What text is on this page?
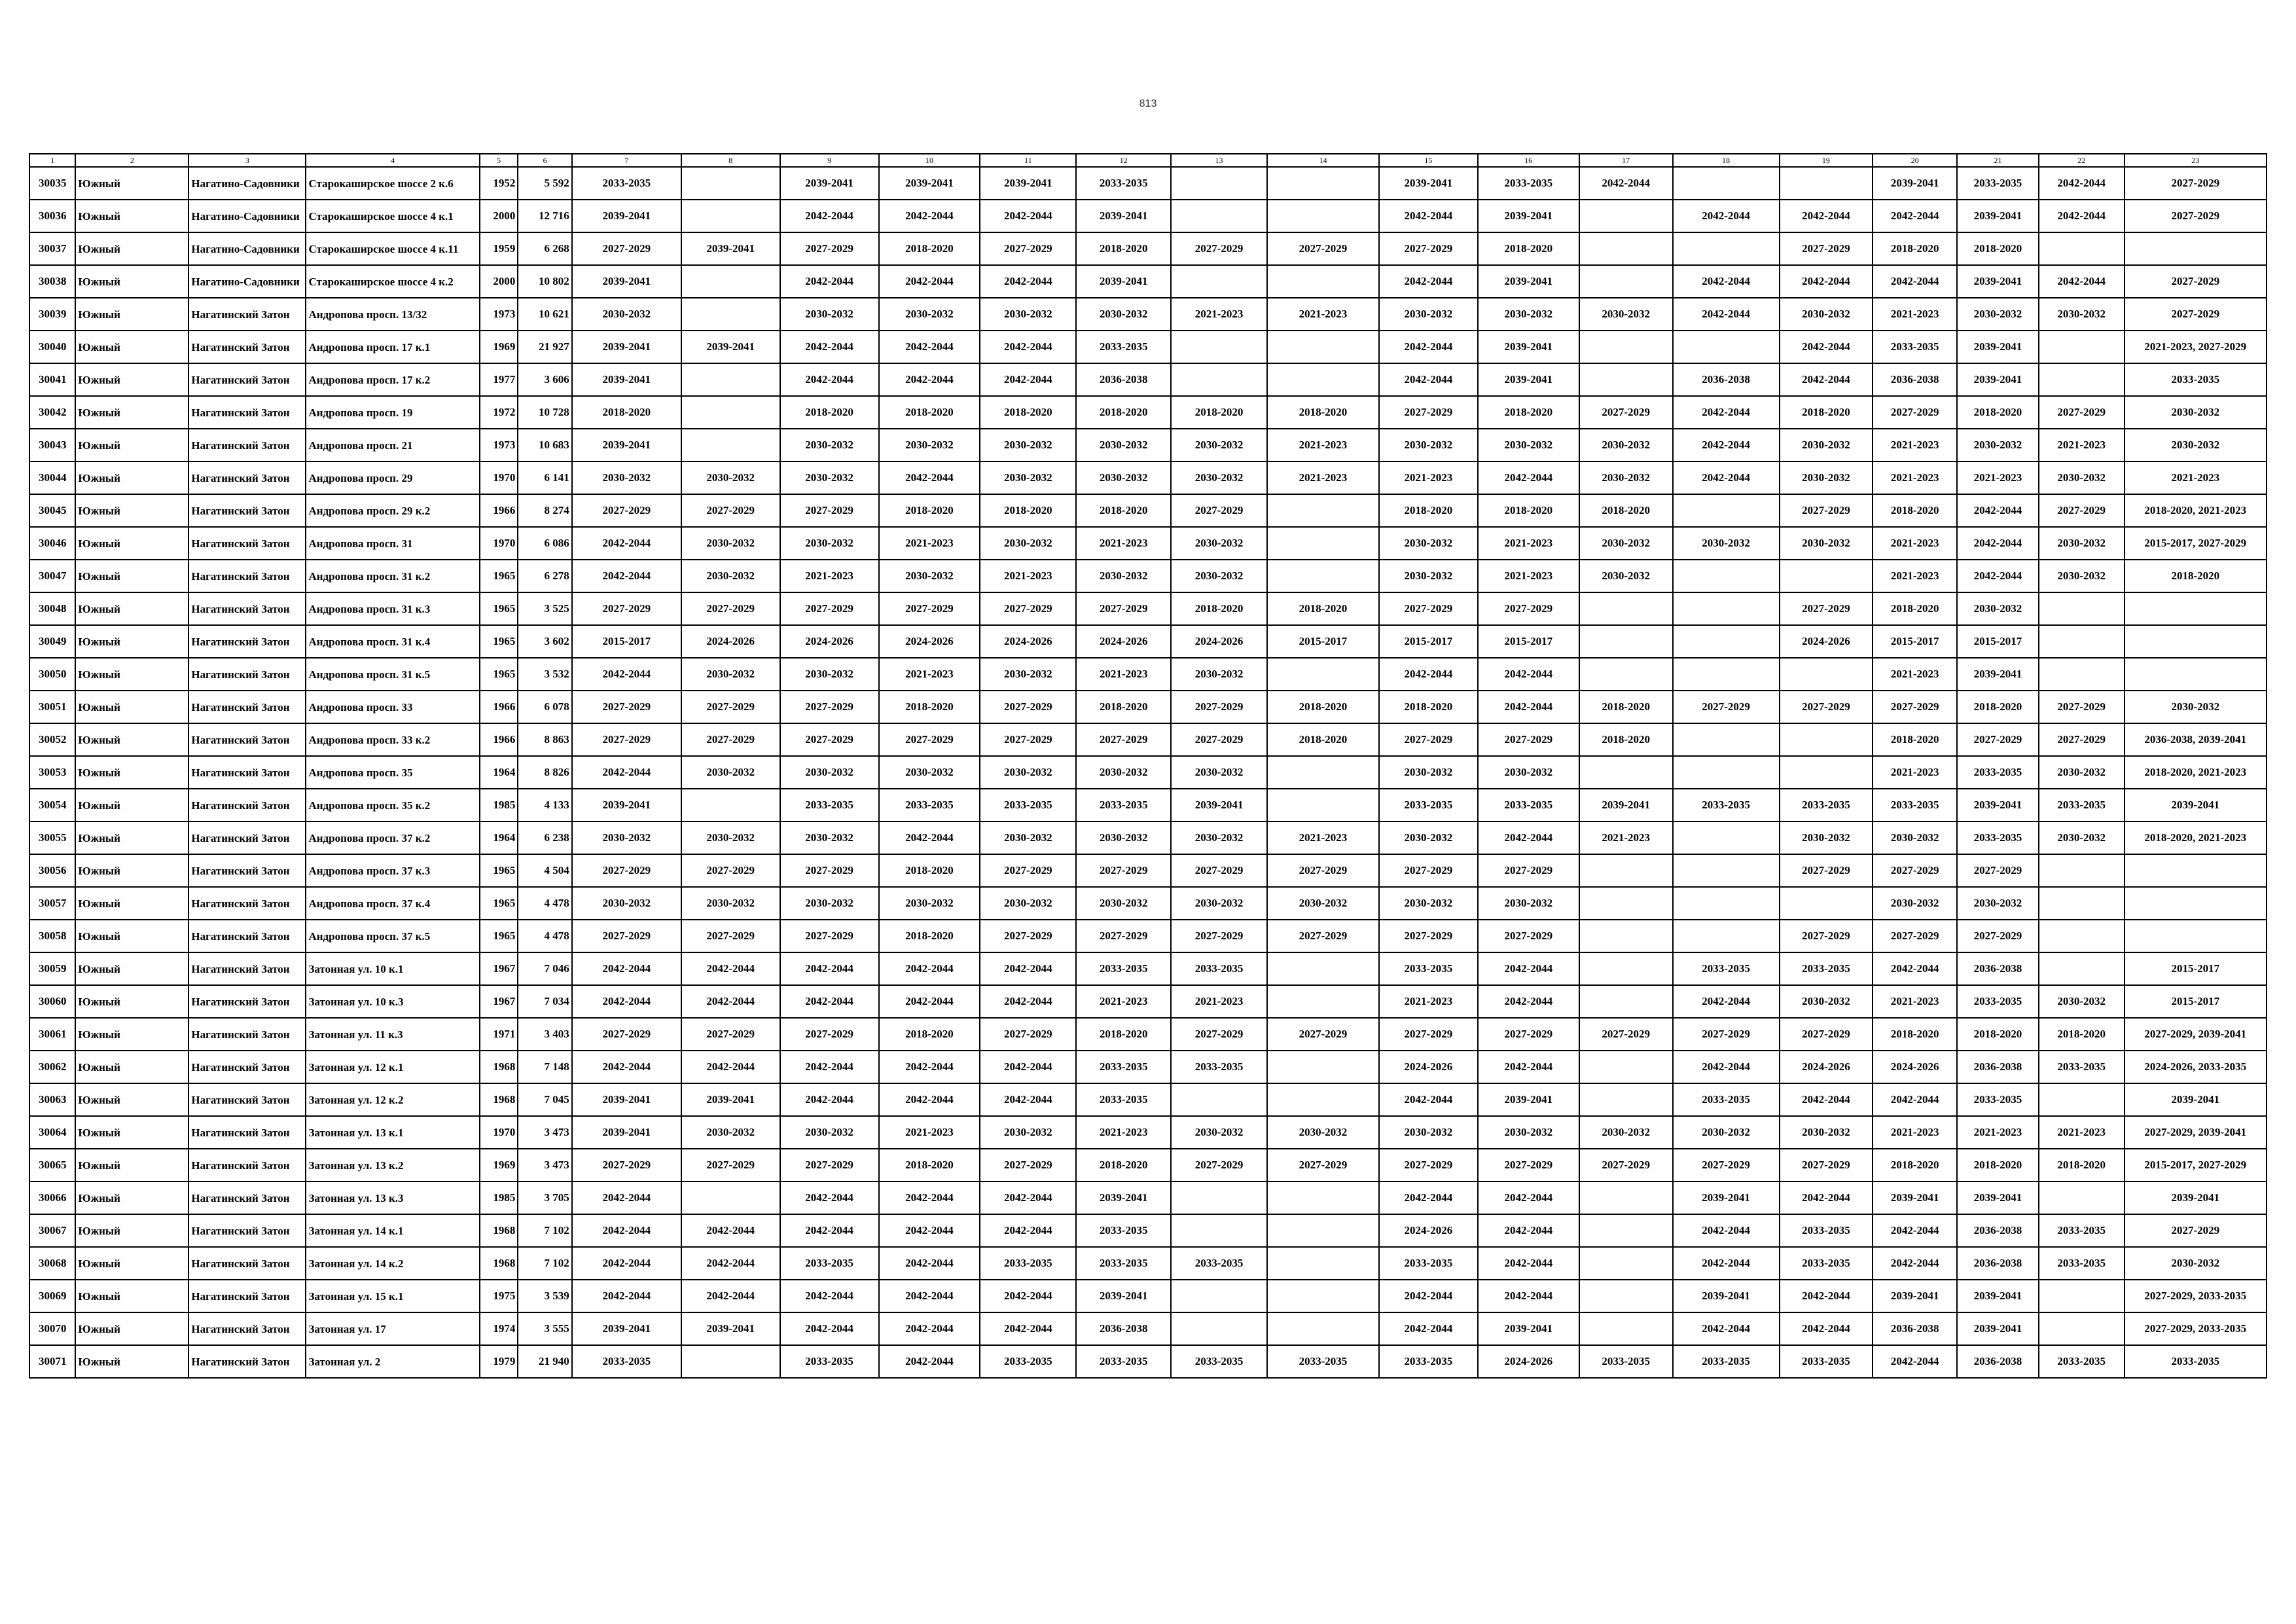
813
1	2	3	4	5	6	7	8	9	10	11	12	13	14	15	16	17	18	19	20	21	22	23	
30035	Южный	Нагатино-Садовники	Старокаширское шоссе 2 к.6	1952	5 592	2033-2035		2039-2041	2039-2041	2039-2041	2033-2035			2039-2041	2033-2035	2042-2044			2039-2041	2033-2035	2042-2044	2027-2029	
30036	Южный	Нагатино-Садовники	Старокаширское шоссе 4 к.1	2000	12 716	2039-2041		2042-2044	2042-2044	2042-2044	2039-2041			2042-2044	2039-2041		2042-2044	2042-2044	2042-2044	2039-2041	2042-2044	2027-2029	
30037	Южный	Нагатино-Садовники	Старокаширское шоссе 4 к.11	1959	6 268	2027-2029	2039-2041	2027-2029	2018-2020	2027-2029	2018-2020	2027-2029	2027-2029	2027-2029	2018-2020			2027-2029	2018-2020	2018-2020			
30038	Южный	Нагатино-Садовники	Старокаширское шоссе 4 к.2	2000	10 802	2039-2041		2042-2044	2042-2044	2042-2044	2039-2041			2042-2044	2039-2041		2042-2044	2042-2044	2042-2044	2039-2041	2042-2044	2027-2029	
30039	Южный	Нагатинский Затон	Андропова просп. 13/32	1973	10 621	2030-2032		2030-2032	2030-2032	2030-2032	2030-2032	2021-2023	2021-2023	2030-2032	2030-2032	2030-2032	2042-2044	2030-2032	2021-2023	2030-2032	2030-2032	2027-2029	
30040	Южный	Нагатинский Затон	Андропова просп. 17 к.1	1969	21 927	2039-2041	2039-2041	2042-2044	2042-2044	2042-2044	2033-2035			2042-2044	2039-2041			2042-2044	2033-2035	2039-2041		2021-2023, 2027-2029	
30041	Южный	Нагатинский Затон	Андропова просп. 17 к.2	1977	3 606	2039-2041		2042-2044	2042-2044	2042-2044	2036-2038			2042-2044	2039-2041		2036-2038	2042-2044	2036-2038	2039-2041		2033-2035	
30042	Южный	Нагатинский Затон	Андропова просп. 19	1972	10 728	2018-2020		2018-2020	2018-2020	2018-2020	2018-2020	2018-2020	2018-2020	2027-2029	2018-2020	2027-2029	2042-2044	2018-2020	2027-2029	2018-2020	2027-2029	2030-2032	
30043	Южный	Нагатинский Затон	Андропова просп. 21	1973	10 683	2039-2041		2030-2032	2030-2032	2030-2032	2030-2032	2030-2032	2021-2023	2030-2032	2030-2032	2030-2032	2042-2044	2030-2032	2021-2023	2030-2032	2021-2023	2030-2032	
30044	Южный	Нагатинский Затон	Андропова просп. 29	1970	6 141	2030-2032	2030-2032	2030-2032	2042-2044	2030-2032	2030-2032	2030-2032	2021-2023	2021-2023	2042-2044	2030-2032	2042-2044	2030-2032	2021-2023	2021-2023	2030-2032	2021-2023	
30045	Южный	Нагатинский Затон	Андропова просп. 29 к.2	1966	8 274	2027-2029	2027-2029	2027-2029	2018-2020	2018-2020	2018-2020	2027-2029		2018-2020	2018-2020	2018-2020		2027-2029	2018-2020	2042-2044	2027-2029	2018-2020, 2021-2023	
30046	Южный	Нагатинский Затон	Андропова просп. 31	1970	6 086	2042-2044	2030-2032	2030-2032	2021-2023	2030-2032	2021-2023	2030-2032		2030-2032	2021-2023	2030-2032	2030-2032	2030-2032	2021-2023	2042-2044	2030-2032	2015-2017, 2027-2029	
30047	Южный	Нагатинский Затон	Андропова просп. 31 к.2	1965	6 278	2042-2044	2030-2032	2021-2023	2030-2032	2021-2023	2030-2032	2030-2032		2030-2032	2021-2023	2030-2032			2021-2023	2042-2044	2030-2032	2018-2020	
30048	Южный	Нагатинский Затон	Андропова просп. 31 к.3	1965	3 525	2027-2029	2027-2029	2027-2029	2027-2029	2027-2029	2027-2029	2018-2020	2018-2020	2027-2029	2027-2029			2027-2029	2018-2020	2030-2032			
30049	Южный	Нагатинский Затон	Андропова просп. 31 к.4	1965	3 602	2015-2017	2024-2026	2024-2026	2024-2026	2024-2026	2024-2026	2024-2026	2015-2017	2015-2017	2015-2017			2024-2026	2015-2017	2015-2017			
30050	Южный	Нагатинский Затон	Андропова просп. 31 к.5	1965	3 532	2042-2044	2030-2032	2030-2032	2021-2023	2030-2032	2021-2023	2030-2032		2042-2044	2042-2044				2021-2023	2039-2041			
30051	Южный	Нагатинский Затон	Андропова просп. 33	1966	6 078	2027-2029	2027-2029	2027-2029	2018-2020	2027-2029	2018-2020	2027-2029	2018-2020	2018-2020	2042-2044	2018-2020	2027-2029	2027-2029	2027-2029	2018-2020	2027-2029	2030-2032	
30052	Южный	Нагатинский Затон	Андропова просп. 33 к.2	1966	8 863	2027-2029	2027-2029	2027-2029	2027-2029	2027-2029	2027-2029	2027-2029	2018-2020	2027-2029	2027-2029	2018-2020			2018-2020	2027-2029	2027-2029	2036-2038, 2039-2041	
30053	Южный	Нагатинский Затон	Андропова просп. 35	1964	8 826	2042-2044	2030-2032	2030-2032	2030-2032	2030-2032	2030-2032	2030-2032		2030-2032	2030-2032				2021-2023	2033-2035	2030-2032	2018-2020, 2021-2023	
30054	Южный	Нагатинский Затон	Андропова просп. 35 к.2	1985	4 133	2039-2041		2033-2035	2033-2035	2033-2035	2033-2035	2039-2041		2033-2035	2033-2035	2039-2041	2033-2035	2033-2035	2033-2035	2039-2041	2033-2035	2039-2041	
30055	Южный	Нагатинский Затон	Андропова просп. 37 к.2	1964	6 238	2030-2032	2030-2032	2030-2032	2042-2044	2030-2032	2030-2032	2030-2032	2021-2023	2030-2032	2042-2044	2021-2023		2030-2032	2030-2032	2033-2035	2030-2032	2018-2020, 2021-2023	
30056	Южный	Нагатинский Затон	Андропова просп. 37 к.3	1965	4 504	2027-2029	2027-2029	2027-2029	2018-2020	2027-2029	2027-2029	2027-2029	2027-2029	2027-2029	2027-2029			2027-2029	2027-2029	2027-2029			
30057	Южный	Нагатинский Затон	Андропова просп. 37 к.4	1965	4 478	2030-2032	2030-2032	2030-2032	2030-2032	2030-2032	2030-2032	2030-2032	2030-2032	2030-2032	2030-2032				2030-2032	2030-2032			
30058	Южный	Нагатинский Затон	Андропова просп. 37 к.5	1965	4 478	2027-2029	2027-2029	2027-2029	2018-2020	2027-2029	2027-2029	2027-2029	2027-2029	2027-2029	2027-2029			2027-2029	2027-2029	2027-2029			
30059	Южный	Нагатинский Затон	Затонная ул. 10 к.1	1967	7 046	2042-2044	2042-2044	2042-2044	2042-2044	2042-2044	2033-2035	2033-2035		2033-2035	2042-2044		2033-2035	2033-2035	2042-2044	2036-2038		2015-2017	
30060	Южный	Нагатинский Затон	Затонная ул. 10 к.3	1967	7 034	2042-2044	2042-2044	2042-2044	2042-2044	2042-2044	2021-2023	2021-2023		2021-2023	2042-2044		2042-2044	2030-2032	2021-2023	2033-2035	2030-2032	2015-2017	
30061	Южный	Нагатинский Затон	Затонная ул. 11 к.3	1971	3 403	2027-2029	2027-2029	2027-2029	2018-2020	2027-2029	2018-2020	2027-2029	2027-2029	2027-2029	2027-2029	2027-2029	2027-2029	2027-2029	2018-2020	2018-2020	2018-2020	2027-2029, 2039-2041	
30062	Южный	Нагатинский Затон	Затонная ул. 12 к.1	1968	7 148	2042-2044	2042-2044	2042-2044	2042-2044	2042-2044	2033-2035	2033-2035		2024-2026	2042-2044		2042-2044	2024-2026	2024-2026	2036-2038	2033-2035	2024-2026, 2033-2035	
30063	Южный	Нагатинский Затон	Затонная ул. 12 к.2	1968	7 045	2039-2041	2039-2041	2042-2044	2042-2044	2042-2044	2033-2035			2042-2044	2039-2041		2033-2035	2042-2044	2042-2044	2033-2035		2039-2041	
30064	Южный	Нагатинский Затон	Затонная ул. 13 к.1	1970	3 473	2039-2041	2030-2032	2030-2032	2021-2023	2030-2032	2021-2023	2030-2032	2030-2032	2030-2032	2030-2032	2030-2032	2030-2032	2030-2032	2021-2023	2021-2023	2021-2023	2027-2029, 2039-2041	
30065	Южный	Нагатинский Затон	Затонная ул. 13 к.2	1969	3 473	2027-2029	2027-2029	2027-2029	2018-2020	2027-2029	2018-2020	2027-2029	2027-2029	2027-2029	2027-2029	2027-2029	2027-2029	2027-2029	2018-2020	2018-2020	2018-2020	2015-2017, 2027-2029	
30066	Южный	Нагатинский Затон	Затонная ул. 13 к.3	1985	3 705	2042-2044		2042-2044	2042-2044	2042-2044	2039-2041			2042-2044	2042-2044		2039-2041	2042-2044	2039-2041	2039-2041		2039-2041	
30067	Южный	Нагатинский Затон	Затонная ул. 14 к.1	1968	7 102	2042-2044	2042-2044	2042-2044	2042-2044	2042-2044	2033-2035			2024-2026	2042-2044		2042-2044	2033-2035	2042-2044	2036-2038	2033-2035	2027-2029	
30068	Южный	Нагатинский Затон	Затонная ул. 14 к.2	1968	7 102	2042-2044	2042-2044	2033-2035	2042-2044	2033-2035	2033-2035	2033-2035		2033-2035	2042-2044		2042-2044	2033-2035	2042-2044	2036-2038	2033-2035	2030-2032	
30069	Южный	Нагатинский Затон	Затонная ул. 15 к.1	1975	3 539	2042-2044	2042-2044	2042-2044	2042-2044	2042-2044	2039-2041			2042-2044	2042-2044		2039-2041	2042-2044	2039-2041	2039-2041		2027-2029, 2033-2035	
30070	Южный	Нагатинский Затон	Затонная ул. 17	1974	3 555	2039-2041	2039-2041	2042-2044	2042-2044	2042-2044	2036-2038			2042-2044	2039-2041		2042-2044	2042-2044	2036-2038	2039-2041		2027-2029, 2033-2035	
30071	Южный	Нагатинский Затон	Затонная ул. 2	1979	21 940	2033-2035		2033-2035	2042-2044	2033-2035	2033-2035	2033-2035	2033-2035	2033-2035	2024-2026	2033-2035	2033-2035	2033-2035	2042-2044	2036-2038	2033-2035	2033-2035	
